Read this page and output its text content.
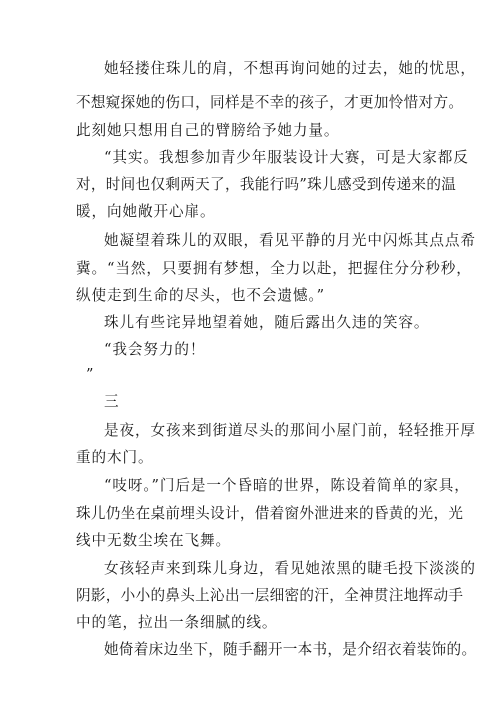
她轻搂住珠儿的肩，不想再询问她的过去，她的忧思，
不想窥探她的伤口，同样是不幸的孩子，才更加怜惜对方。
此刻她只想用自己的臂膀给予她力量。
“其实。我想参加青少年服装设计大赛，可是大家都反
对，时间也仅剩两天了，我能行吗”珠儿感受到传递来的温
暖，向她敞开心扉。
她凝望着珠儿的双眼，看见平静的月光中闪烁其点点希
冀。“当然，只要拥有梦想，全力以赴，把握住分分秒秒，
纵使走到生命的尽头，也不会遗憾。”
珠儿有些诧异地望着她，随后露出久违的笑容。
“我会努力的！
”
三
是夜，女孩来到街道尽头的那间小屋门前，轻轻推开厚
重的木门。
“吱呀。”门后是一个昏暗的世界，陈设着简单的家具，
珠儿仍坐在桌前埋头设计，借着窗外泄进来的昏黄的光，光
线中无数尘埃在飞舞。
女孩轻声来到珠儿身边，看见她浓黑的睫毛投下淡淡的
阴影，小小的鼻头上沁出一层细密的汗，全神贯注地挥动手
中的笔，拉出一条细腻的线。
她倚着床边坐下，随手翻开一本书，是介绍衣着装饰的。
